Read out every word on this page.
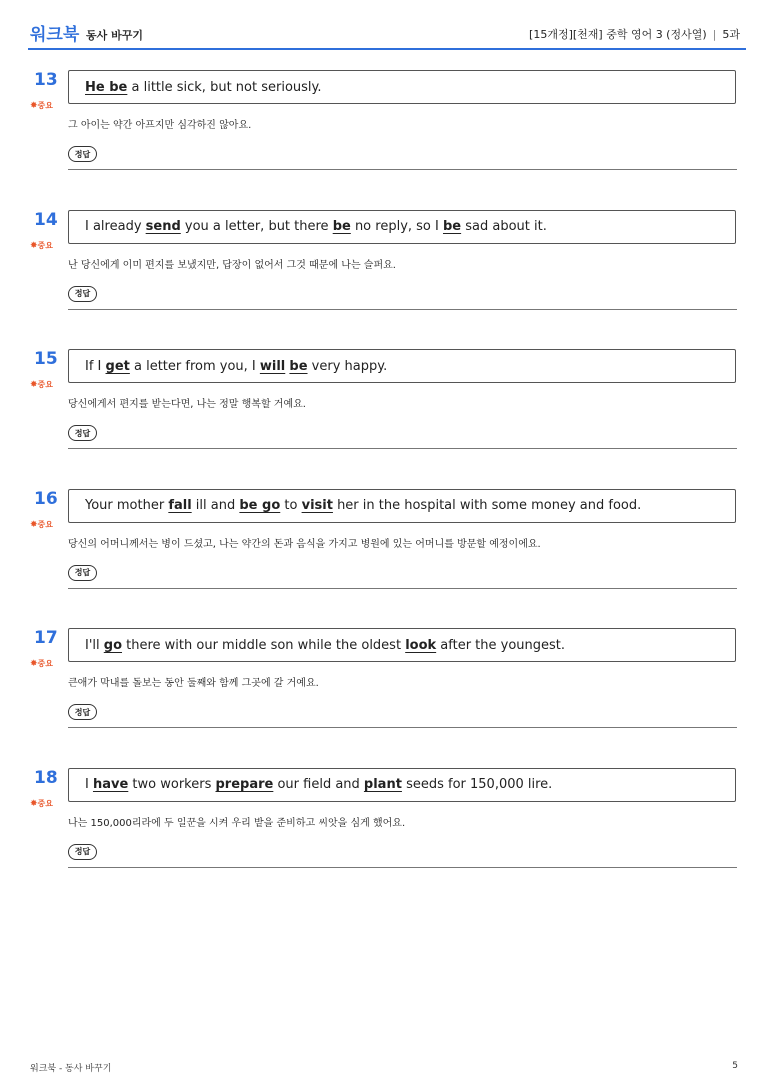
워크북 동사 바꾸기	[15개정][천재] 중학 영어 3 (정사열) | 5과
13
✸중요
He be a little sick, but not seriously.
그 아이는 약간 아프지만 심각하진 않아요.
정답
14
✸중요
I already send you a letter, but there be no reply, so I be sad about it.
난 당신에게 이미 편지를 보냈지만, 답장이 없어서 그것 때문에 나는 슬퍼요.
정답
15
✸중요
If I get a letter from you, I will be very happy.
당신에게서 편지를 받는다면, 나는 정말 행복할 거예요.
정답
16
✸중요
Your mother fall ill and be go to visit her in the hospital with some money and food.
당신의 어머니께서는 병이 드셨고, 나는 약간의 돈과 음식을 가지고 병원에 있는 어머니를 방문할 예정이에요.
정답
17
✸중요
I'll go there with our middle son while the oldest look after the youngest.
큰애가 막내를 돌보는 동안 둘째와 함께 그곳에 갈 거예요.
정답
18
✸중요
I have two workers prepare our field and plant seeds for 150,000 lire.
나는 150,000리라에 두 일꾼을 시켜 우리 밭을 준비하고 씨앗을 심게 했어요.
정답
워크북 - 동사 바꾸기	5
